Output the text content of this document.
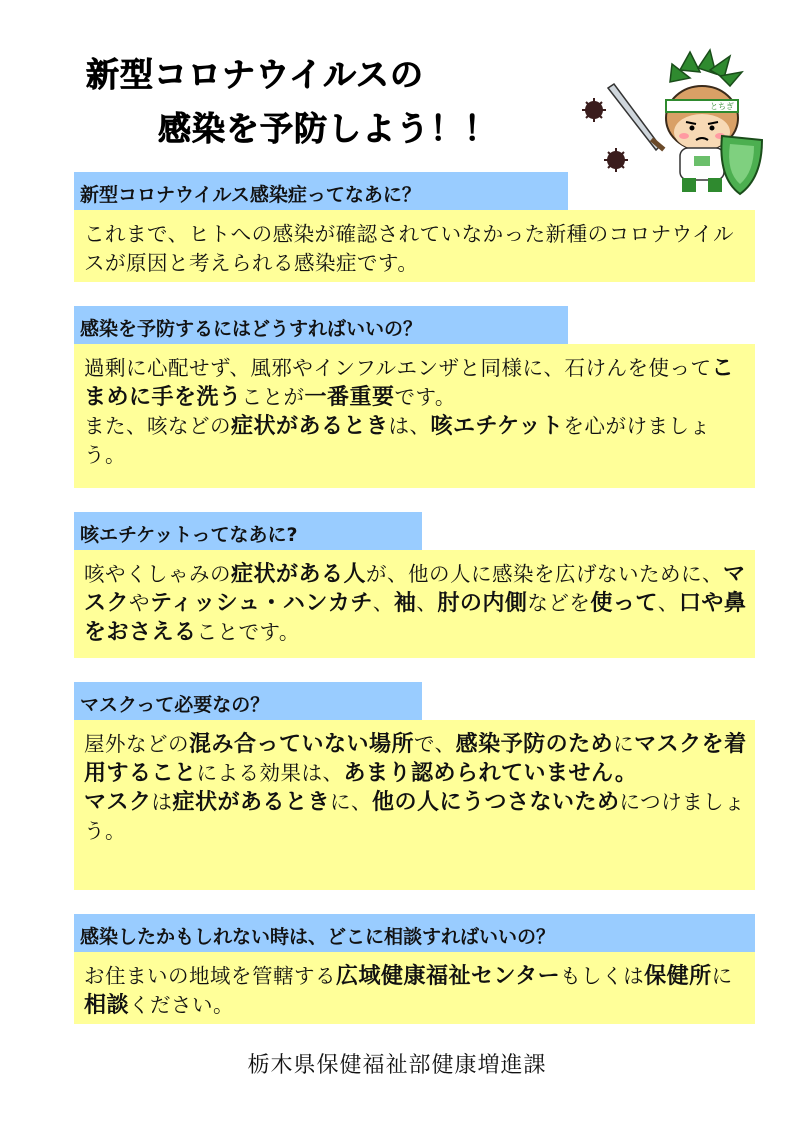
新型コロナウイルスの
感染を予防しよう！！
とちぎ
新型コロナウイルス感染症ってなあに？

これまで、ヒトへの感染が確認されていなかった新種のコロナウイルスが原因と考えられる感染症です。

感染を予防するにはどうすればいいの？

過剰に心配せず、風邪やインフルエンザと同様に、石けんを使ってこまめに手を洗うことが一番重要です。

また、咳などの症状があるときは、咳エチケットを心がけましょう。

咳エチケットってなあに?

咳やくしゃみの症状がある人が、他の人に感染を広げないために、マスクやティッシュ・ハンカチ、袖、肘の内側などを使って、口や鼻をおさえることです。

マスクって必要なの？

屋外などの混み合っていない場所で、感染予防のためにマスクを着用することによる効果は、あまり認められていません。

マスクは症状があるときに、他の人にうつさないためにつけましょう。

感染したかもしれない時は、どこに相談すればいいの？

お住まいの地域を管轄する広域健康福祉センターもしくは保健所に相談ください。

栃木県保健福祉部健康増進課
